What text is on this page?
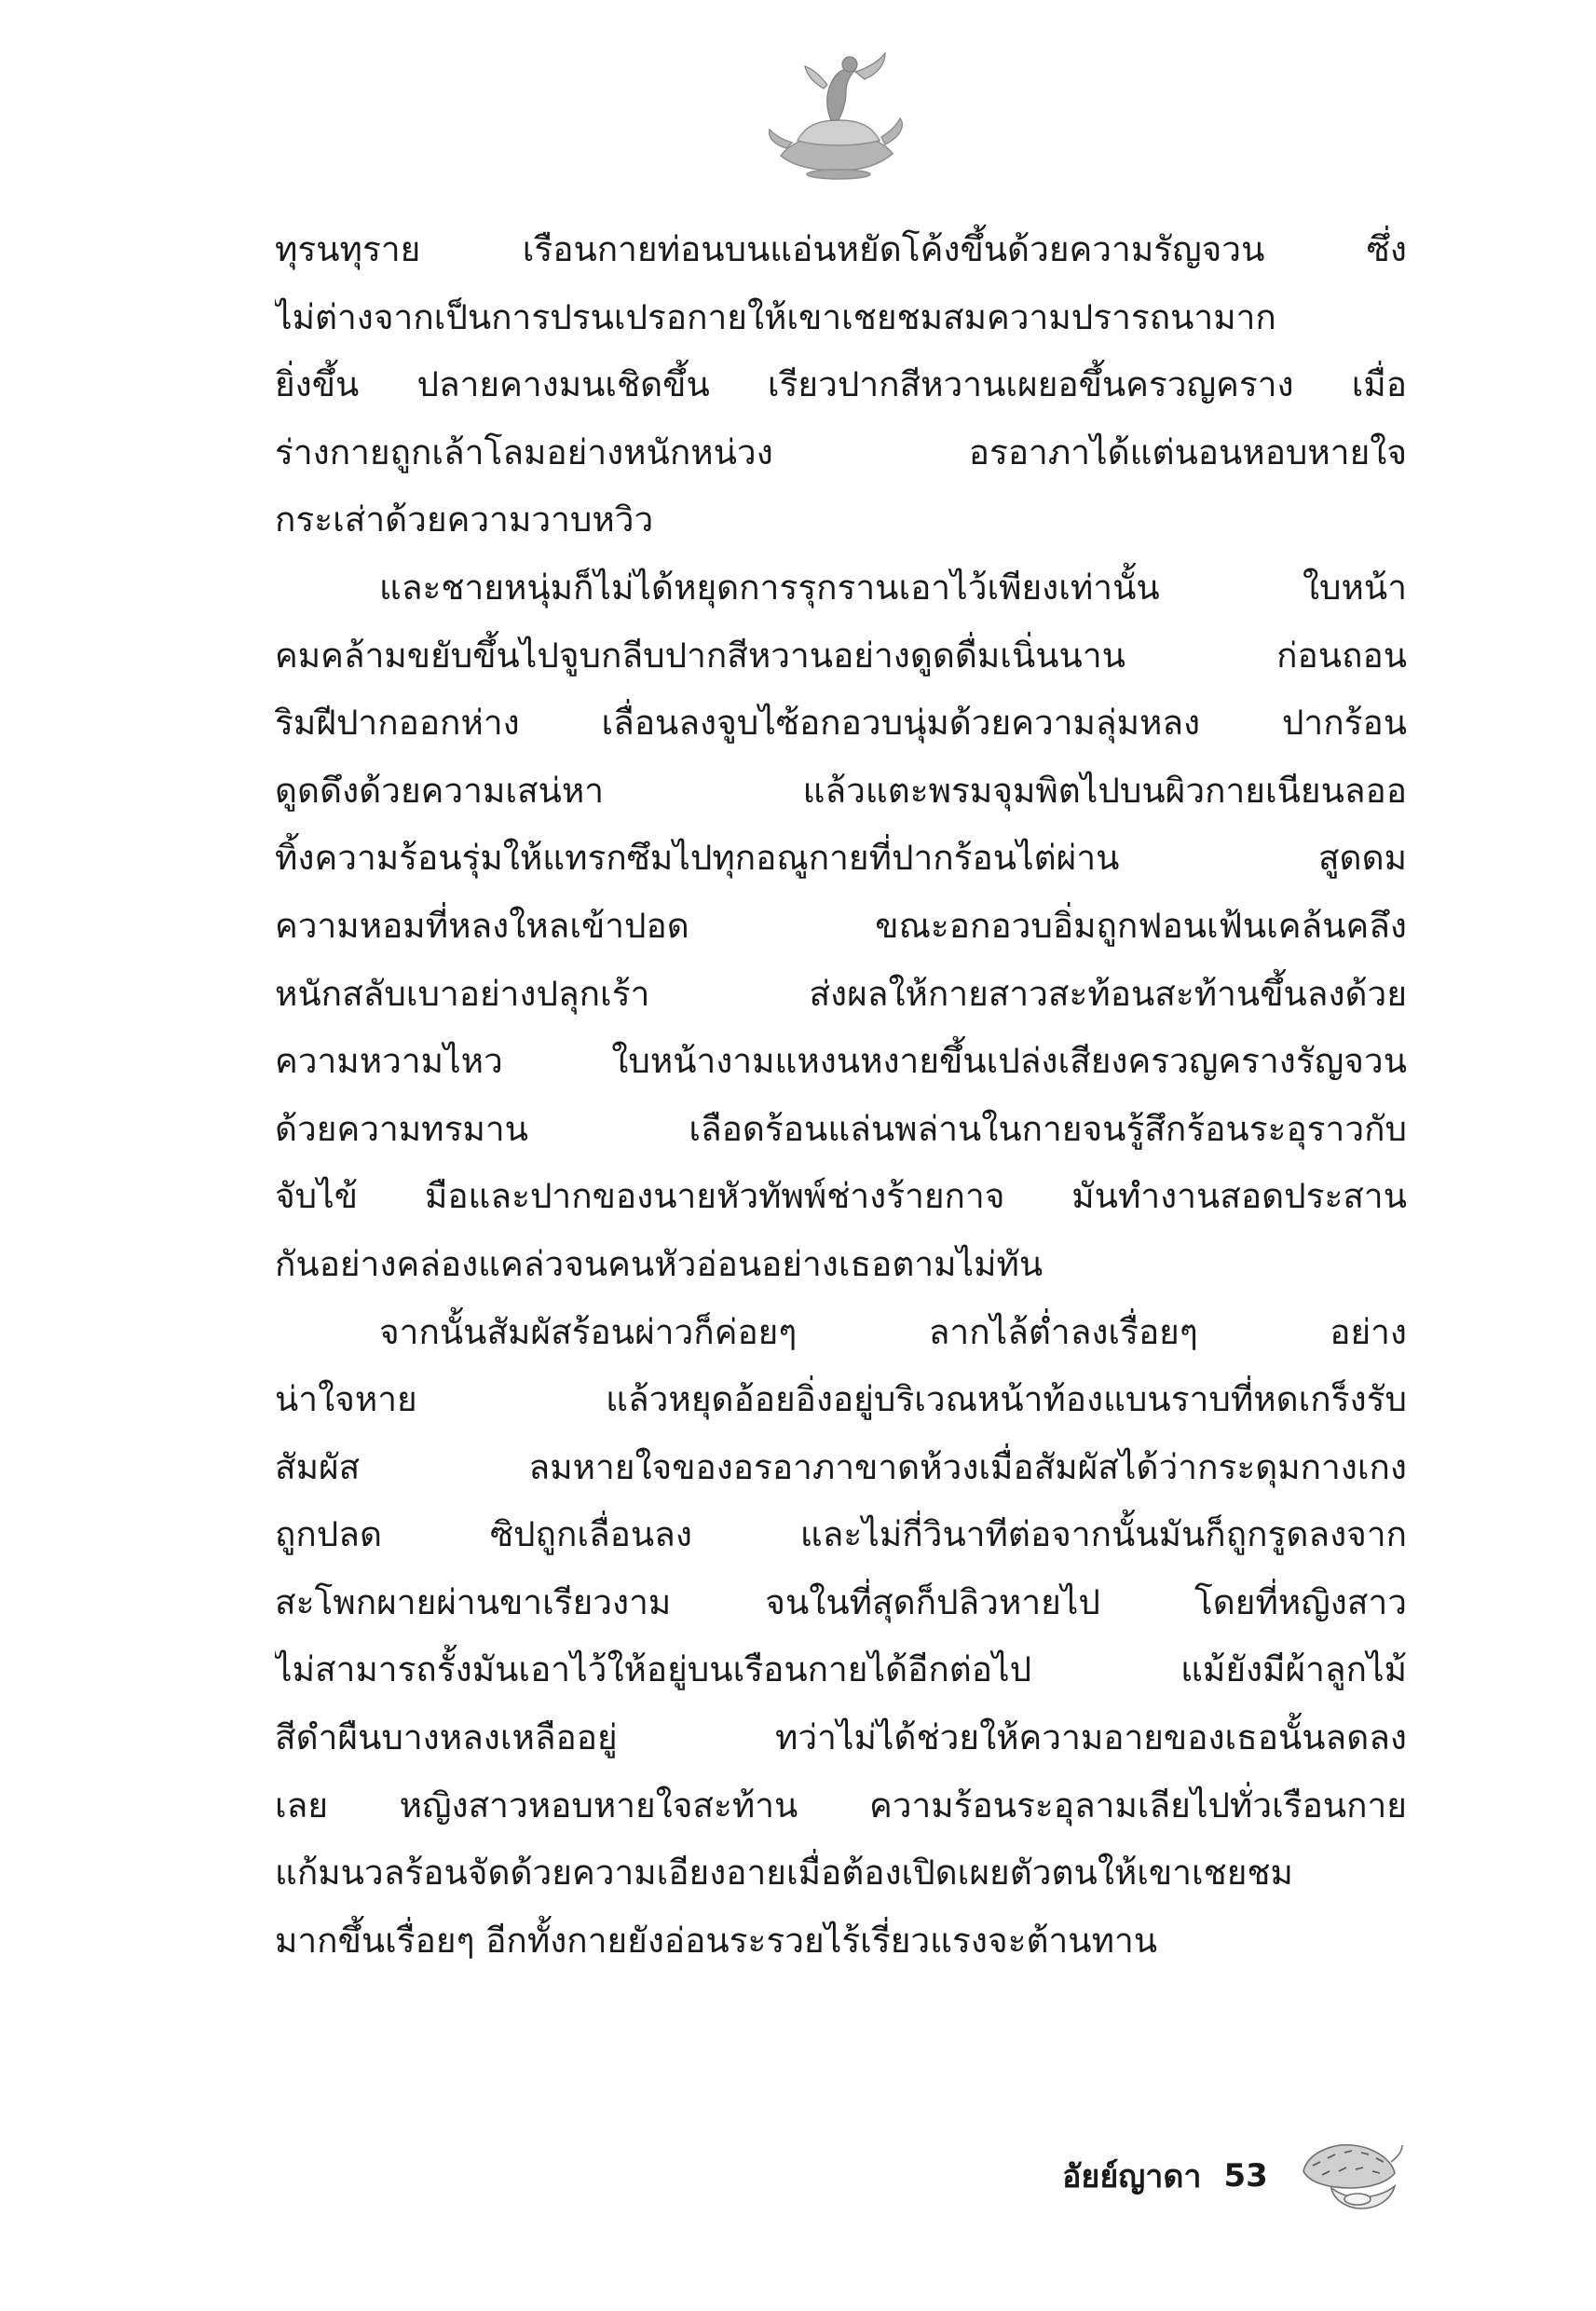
ทุรนทุราย เรือนกายท่อนบนแอ่นหยัดโค้งขึ้นด้วยความรัญจวน ซึ่ง
ไม่ต่างจากเป็นการปรนเปรอกายให้เขาเชยชมสมความปรารถนามาก
ยิ่งขึ้น ปลายคางมนเชิดขึ้น เรียวปากสีหวานเผยอขึ้นครวญคราง เมื่อ
ร่างกายถูกเล้าโลมอย่างหนักหน่วง อรอาภาได้แต่นอนหอบหายใจ
กระเส่าด้วยความวาบหวิว
และชายหนุ่มก็ไม่ได้หยุดการรุกรานเอาไว้เพียงเท่านั้น ใบหน้า
คมคล้ามขยับขึ้นไปจูบกลีบปากสีหวานอย่างดูดดื่มเนิ่นนาน ก่อนถอน
ริมฝีปากออกห่าง เลื่อนลงจูบไซ้อกอวบนุ่มด้วยความลุ่มหลง ปากร้อน
ดูดดึงด้วยความเสน่หา แล้วแตะพรมจุมพิตไปบนผิวกายเนียนลออ
ทิ้งความร้อนรุ่มให้แทรกซึมไปทุกอณูกายที่ปากร้อนไต่ผ่าน สูดดม
ความหอมที่หลงใหลเข้าปอด ขณะอกอวบอิ่มถูกฟอนเฟ้นเคล้นคลึง
หนักสลับเบาอย่างปลุกเร้า ส่งผลให้กายสาวสะท้อนสะท้านขึ้นลงด้วย
ความหวามไหว ใบหน้างามแหงนหงายขึ้นเปล่งเสียงครวญครางรัญจวน
ด้วยความทรมาน เลือดร้อนแล่นพล่านในกายจนรู้สึกร้อนระอุราวกับ
จับไข้ มือและปากของนายหัวทัพพ์ช่างร้ายกาจ มันทำงานสอดประสาน
กันอย่างคล่องแคล่วจนคนหัวอ่อนอย่างเธอตามไม่ทัน
จากนั้นสัมผัสร้อนผ่าวก็ค่อยๆ ลากไล้ต่ำลงเรื่อยๆ อย่าง
น่าใจหาย แล้วหยุดอ้อยอิ่งอยู่บริเวณหน้าท้องแบนราบที่หดเกร็งรับ
สัมผัส ลมหายใจของอรอาภาขาดห้วงเมื่อสัมผัสได้ว่ากระดุมกางเกง
ถูกปลด ซิปถูกเลื่อนลง และไม่กี่วินาทีต่อจากนั้นมันก็ถูกรูดลงจาก
สะโพกผายผ่านขาเรียวงาม จนในที่สุดก็ปลิวหายไป โดยที่หญิงสาว
ไม่สามารถรั้งมันเอาไว้ให้อยู่บนเรือนกายได้อีกต่อไป แม้ยังมีผ้าลูกไม้
สีดำผืนบางหลงเหลืออยู่ ทว่าไม่ได้ช่วยให้ความอายของเธอนั้นลดลง
เลย หญิงสาวหอบหายใจสะท้าน ความร้อนระอุลามเลียไปทั่วเรือนกาย
แก้มนวลร้อนจัดด้วยความเอียงอายเมื่อต้องเปิดเผยตัวตนให้เขาเชยชม
มากขึ้นเรื่อยๆ อีกทั้งกายยังอ่อนระรวยไร้เรี่ยวแรงจะต้านทาน
อัยย์ญาดา 53
